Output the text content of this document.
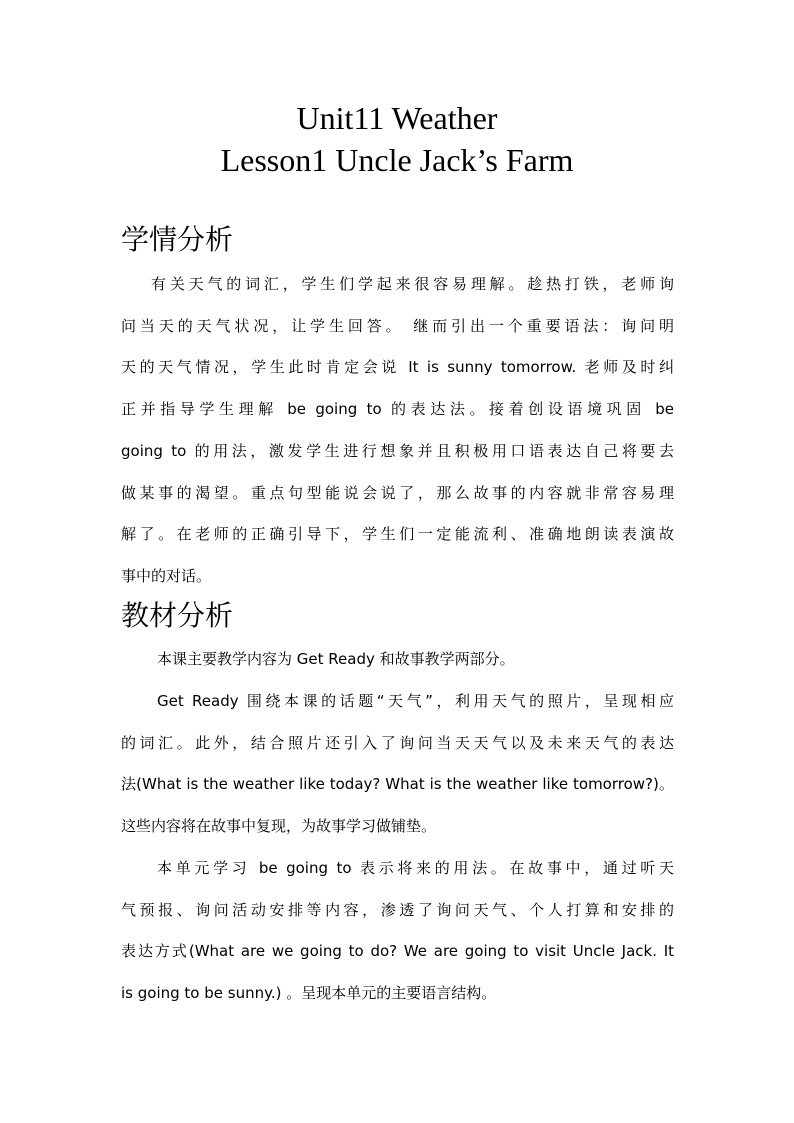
Unit11 Weather
Lesson1 Uncle Jack’s Farm
学情分析
有关天气的词汇，学生们学起来很容易理解。趁热打铁，老师询
问当天的天气状况，让学生回答。 继而引出一个重要语法：询问明
天的天气情况，学生此时肯定会说 It is sunny tomorrow. 老师及时纠
正并指导学生理解 be going to 的表达法。接着创设语境巩固 be
going to 的用法，激发学生进行想象并且积极用口语表达自己将要去
做某事的渴望。重点句型能说会说了，那么故事的内容就非常容易理
解了。在老师的正确引导下，学生们一定能流利、准确地朗读表演故
事中的对话。
教材分析
本课主要教学内容为 Get Ready 和故事教学两部分。
Get Ready 围绕本课的话题“天气”，利用天气的照片，呈现相应
的词汇。此外，结合照片还引入了询问当天天气以及未来天气的表达
法(What is the weather like today? What is the weather like tomorrow?)。
这些内容将在故事中复现，为故事学习做铺垫。
本单元学习 be going to 表示将来的用法。在故事中，通过听天
气预报、询问活动安排等内容，渗透了询问天气、个人打算和安排的
表达方式(What are we going to do? We are going to visit Uncle Jack. It
is going to be sunny.) 。呈现本单元的主要语言结构。
